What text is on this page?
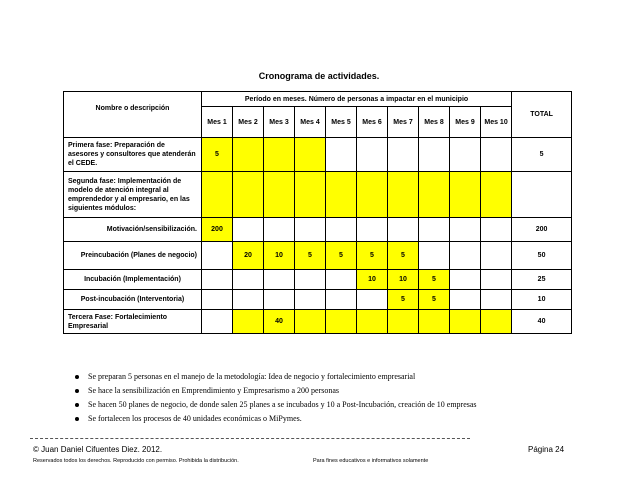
Cronograma de actividades.
Nombre o descripción	Período en meses. Número de personas a impactar en el municipio										TOTAL
	Mes 1	Mes 2	Mes 3	Mes 4	Mes 5	Mes 6	Mes 7	Mes 8	Mes 9	Mes 10	
Primera fase: Preparación de asesores y consultores que atenderán el CEDE.	5										5
Segunda fase: Implementación de modelo de atención integral al emprendedor y al empresario, en las siguientes módulos:											
Motivación/sensibilización.	200										200
Preincubación (Planes de negocio)		20	10	5	5	5	5				50
Incubación (Implementación)						10	10	5			25
Post-incubación (Interventoria)							5	5			10
Tercera Fase: Fortalecimiento Empresarial			40								40
Se preparan 5 personas en el manejo de la metodología: Idea de negocio y fortalecimiento empresarial
Se hace la sensibilización en Emprendimiento y Empresarismo a 200 personas
Se hacen 50 planes de negocio, de donde salen 25 planes a se incubados y 10 a Post-Incubación, creación de 10 empresas
Se fortalecen los procesos de 40 unidades económicas o MiPymes.
© Juan Daniel Cifuentes Diez. 2012.	Página 24
Reservados todos los derechos. Reproducido con permiso. Prohibida la distribución.	Para fines educativos e informativos solamente
